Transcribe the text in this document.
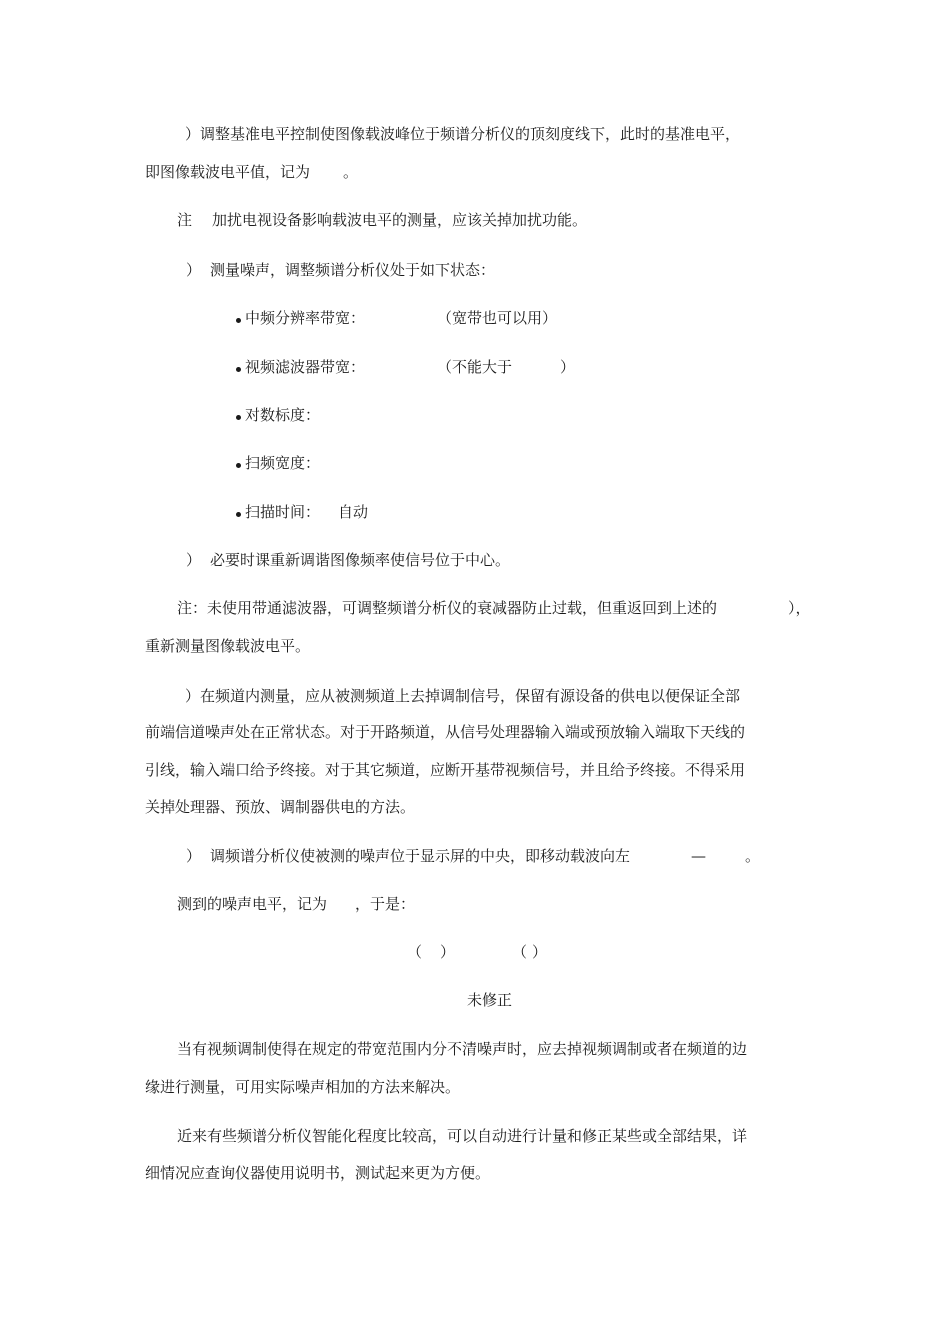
）调整基准电平控制使图像载波峰位于频谱分析仪的顶刻度线下，此时的基准电平，
即图像载波电平值，记为 。
注 加扰电视设备影响载波电平的测量，应该关掉加扰功能。
） 测量噪声，调整频谱分析仪处于如下状态：
中频分辨率带宽：	（宽带也可以用）
视频滤波器带宽：	（不能大于	）
对数标度：
扫频宽度：
扫描时间： 自动
） 必要时课重新调谐图像频率使信号位于中心。
注：未使用带通滤波器，可调整频谱分析仪的衰减器防止过载，但重返回到上述的	），
重新测量图像载波电平。
）在频道内测量，应从被测频道上去掉调制信号，保留有源设备的供电以便保证全部
前端信道噪声处在正常状态。对于开路频道，从信号处理器输入端或预放输入端取下天线的
引线，输入端口给予终接。对于其它频道，应断开基带视频信号，并且给予终接。不得采用
关掉处理器、预放、调制器供电的方法。
） 调频谱分析仪使被测的噪声位于显示屏的中央，即移动载波向左	—	。
测到的噪声电平，记为 ，于是：
（ ）	（ ）
未修正
当有视频调制使得在规定的带宽范围内分不清噪声时，应去掉视频调制或者在频道的边
缘进行测量，可用实际噪声相加的方法来解决。
近来有些频谱分析仪智能化程度比较高，可以自动进行计量和修正某些或全部结果，详
细情况应查询仪器使用说明书，测试起来更为方便。
